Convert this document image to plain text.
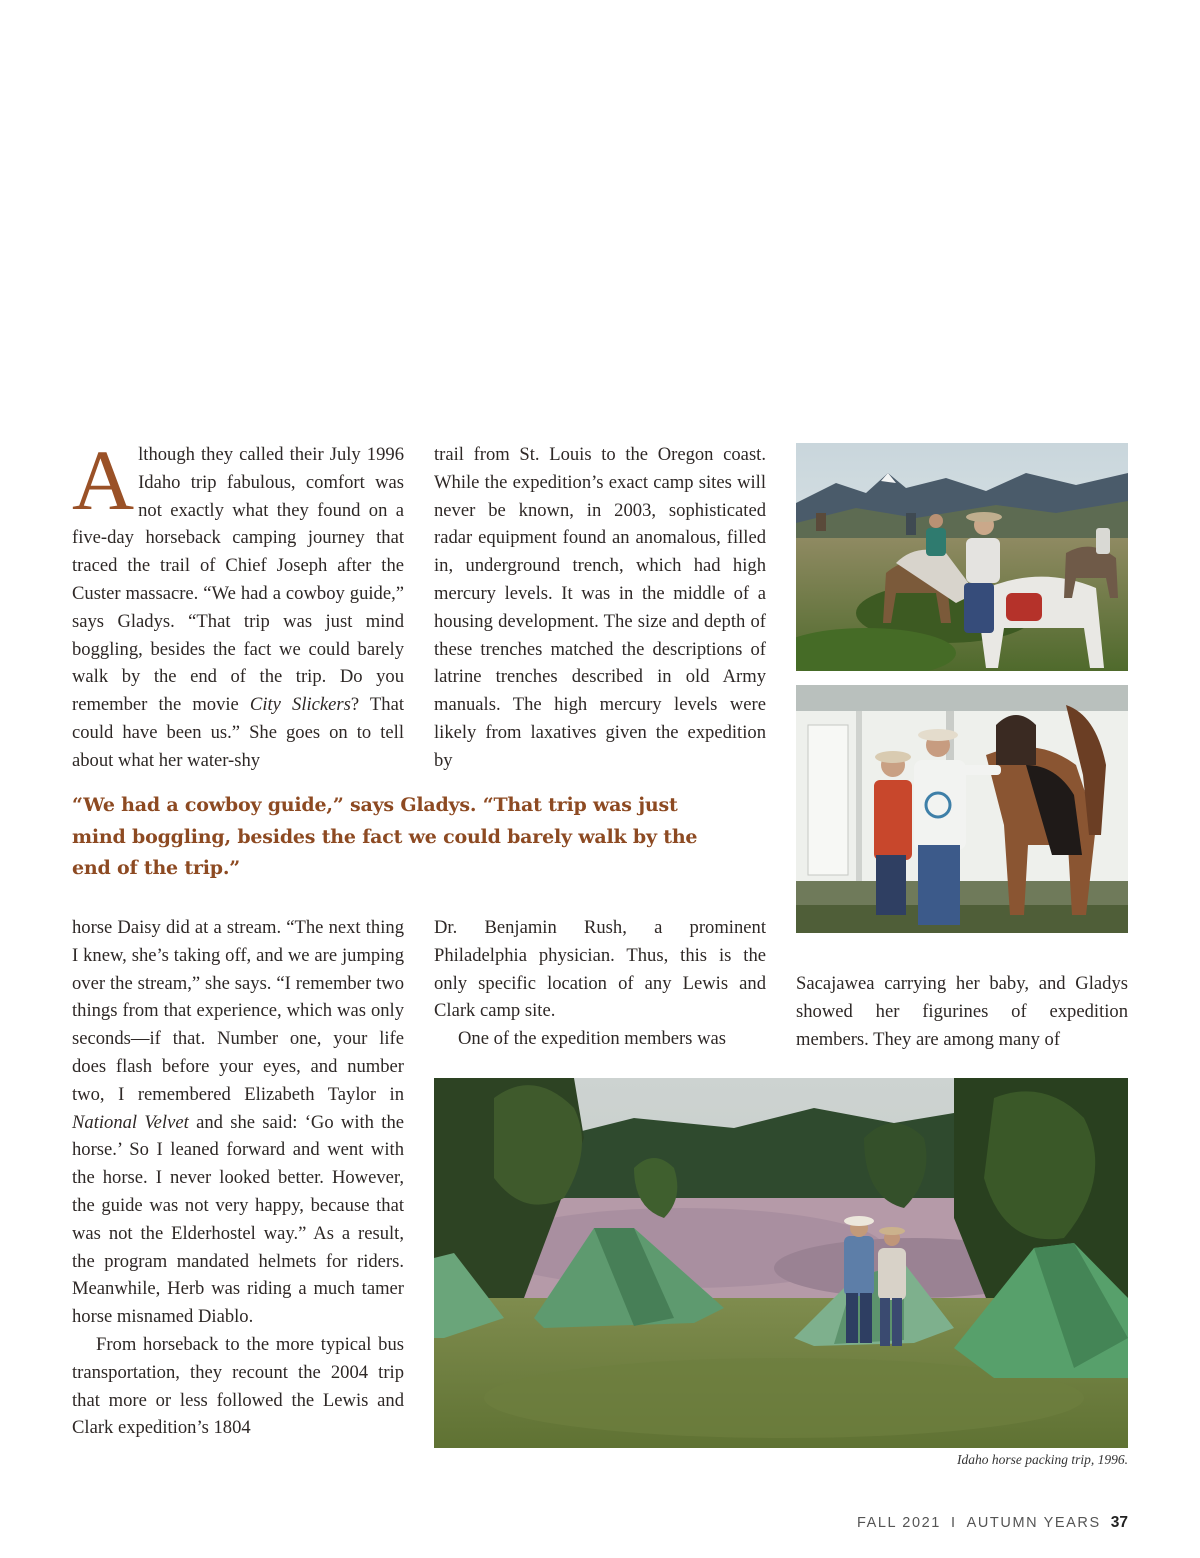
Although they called their July 1996 Idaho trip fabulous, comfort was not exactly what they found on a five-day horseback camping journey that traced the trail of Chief Joseph after the Custer massacre. “We had a cowboy guide,” says Gladys. “That trip was just mind boggling, besides the fact we could barely walk by the end of the trip. Do you remember the movie City Slickers? That could have been us.” She goes on to tell about what her water-shy

trail from St. Louis to the Oregon coast. While the expedition’s exact camp sites will never be known, in 2003, sophisticated radar equipment found an anomalous, filled in, underground trench, which had high mercury levels. It was in the middle of a housing development. The size and depth of these trenches matched the descriptions of latrine trenches described in old Army manuals. The high mercury levels were likely from laxatives given the expedition by

“We had a cowboy guide,” says Gladys. “That trip was just mind boggling, besides the fact we could barely walk by the end of the trip.”

horse Daisy did at a stream. “The next thing I knew, she’s taking off, and we are jumping over the stream,” she says. “I remember two things from that experience, which was only seconds—if that. Number one, your life does flash before your eyes, and number two, I remembered Elizabeth Taylor in National Velvet and she said: ‘Go with the horse.’ So I leaned forward and went with the horse. I never looked better. However, the guide was not very happy, because that was not the Elderhostel way.” As a result, the program mandated helmets for riders. Meanwhile, Herb was riding a much tamer horse misnamed Diablo.

From horseback to the more typical bus transportation, they recount the 2004 trip that more or less followed the Lewis and Clark expedition’s 1804

Dr. Benjamin Rush, a prominent Philadelphia physician. Thus, this is the only specific location of any Lewis and Clark camp site.

One of the expedition members was

Sacajawea carrying her baby, and Gladys showed her figurines of expedition members. They are among many of

Idaho horse packing trip, 1996.
FALL 2021 I AUTUMN YEARS 37
